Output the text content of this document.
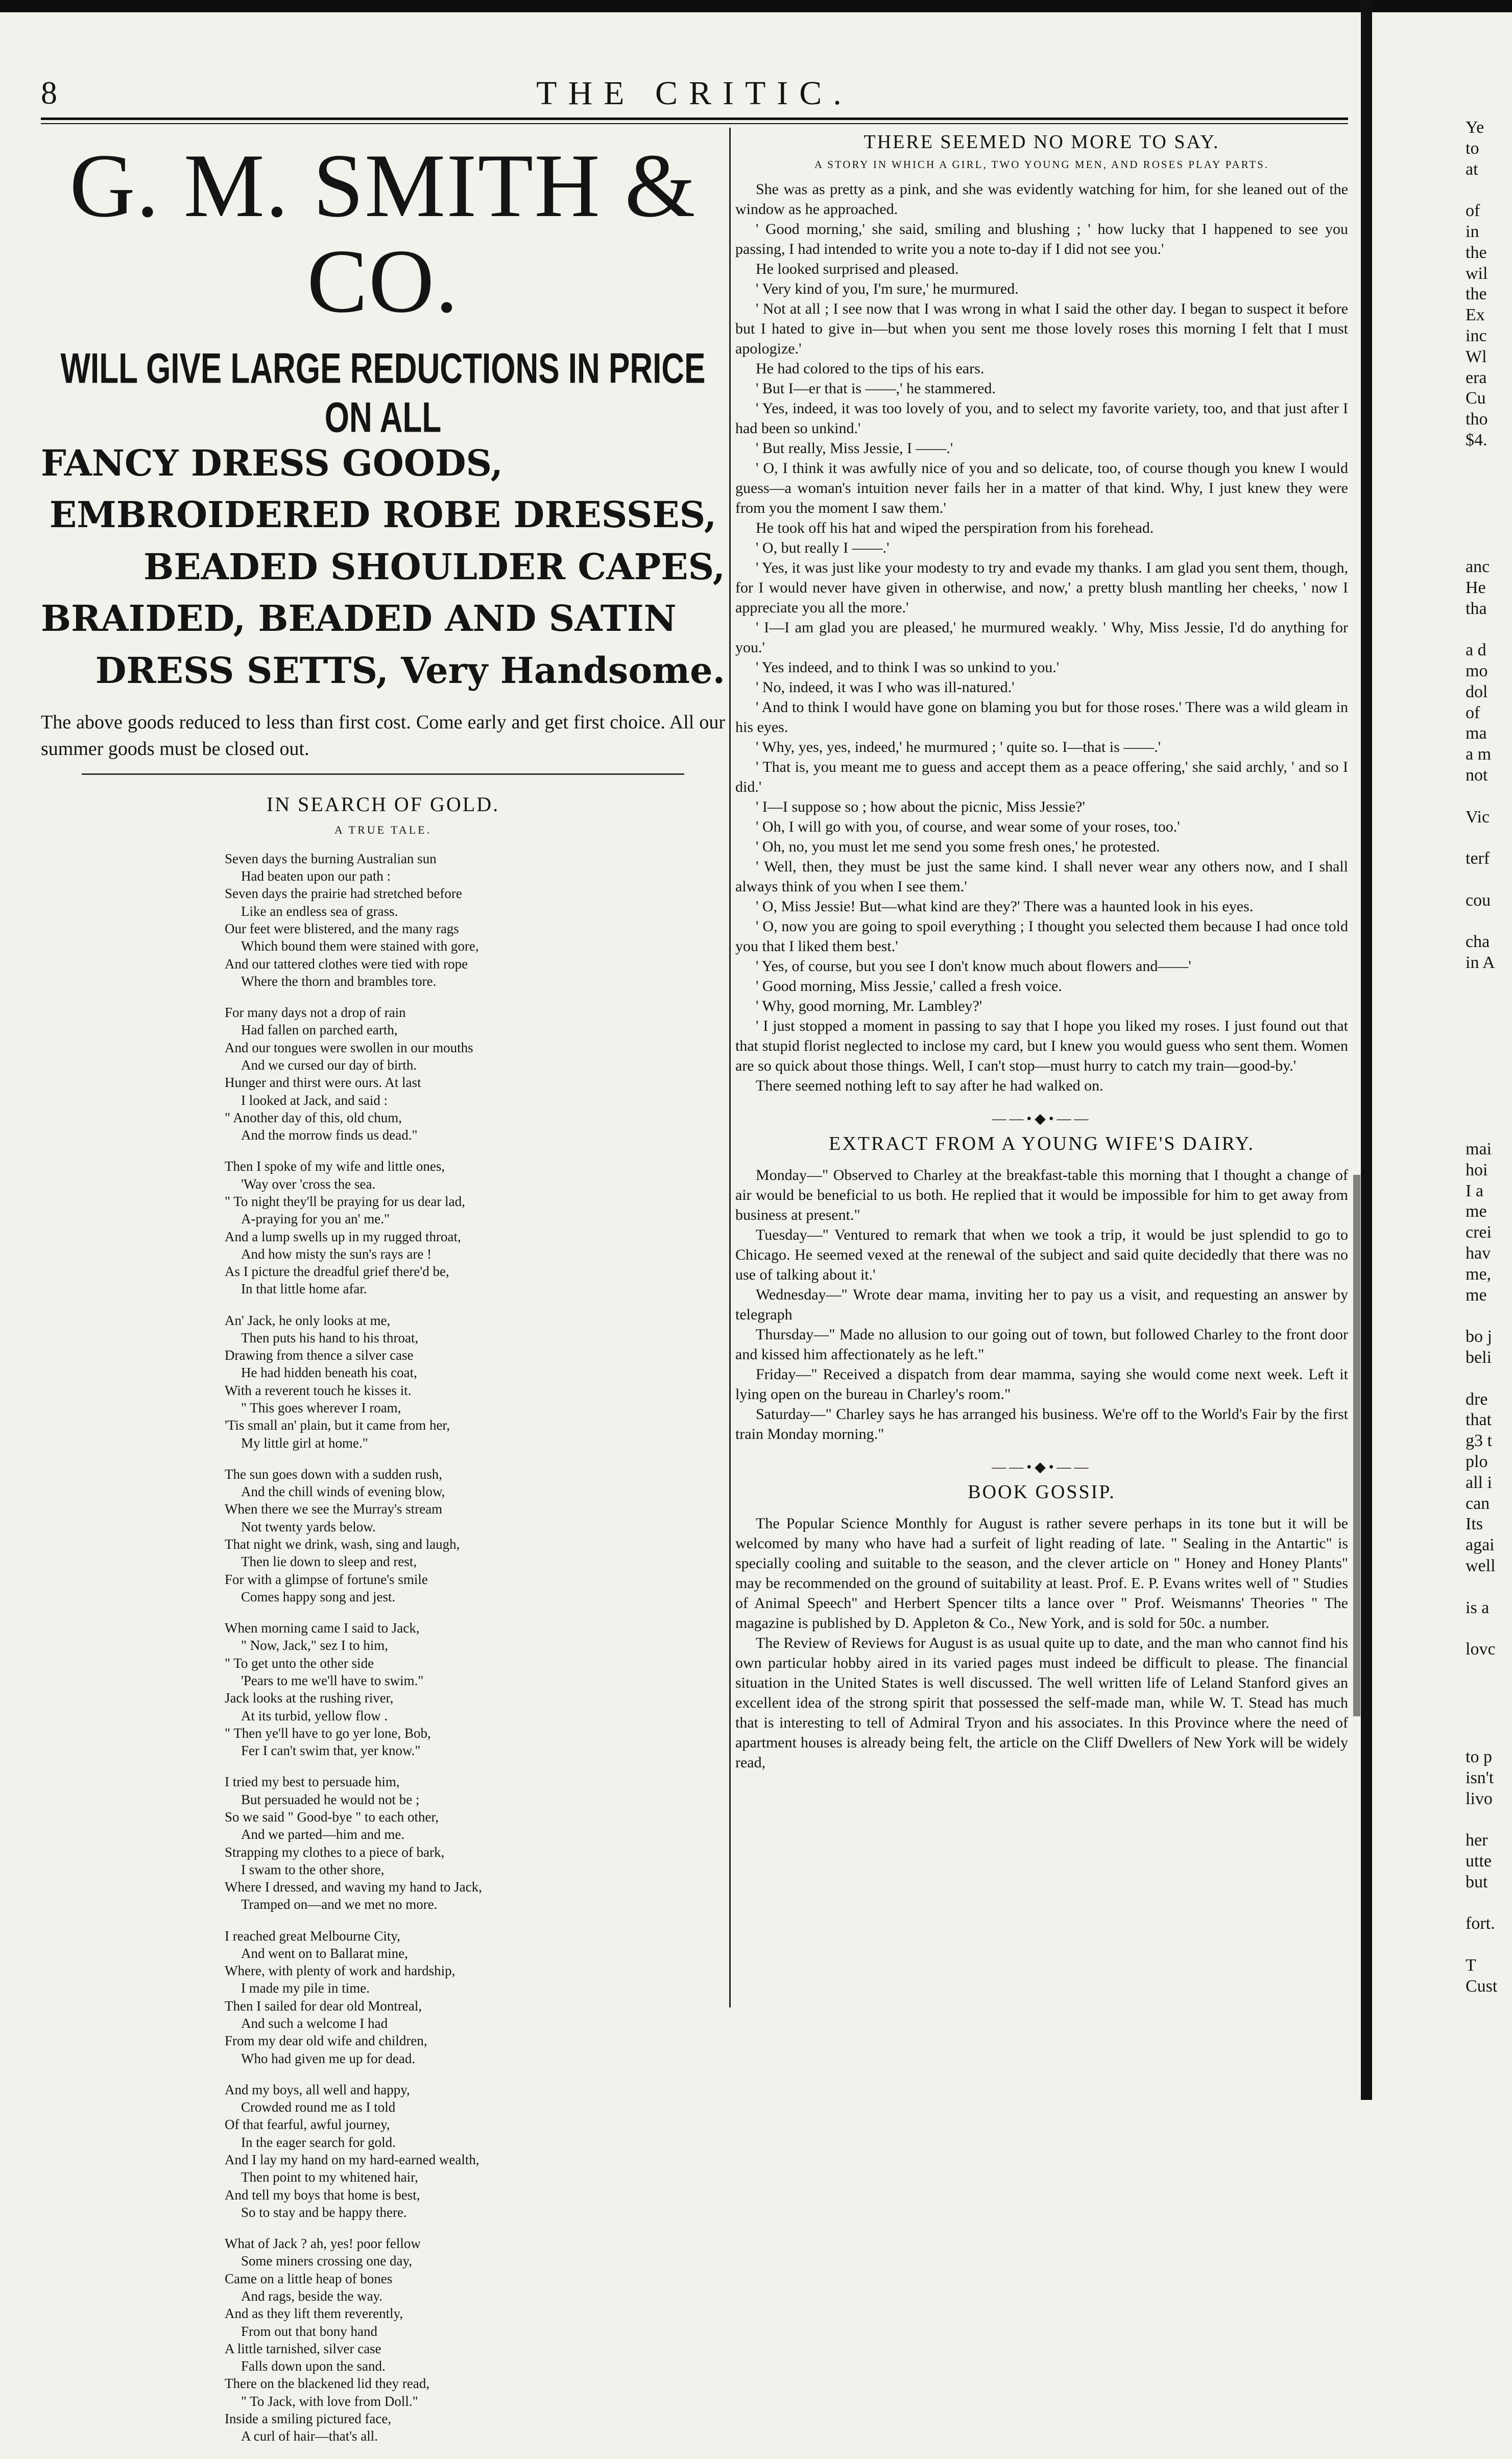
8	THE CRITIC.
G. M. SMITH & CO.
WILL GIVE LARGE REDUCTIONS IN PRICE ON ALL
FANCY DRESS GOODS,
EMBROIDERED ROBE DRESSES,
BEADED SHOULDER CAPES,
BRAIDED, BEADED AND SATIN
DRESS SETTS, Very Handsome.
The above goods reduced to less than first cost. Come early and get first choice. All our summer goods must be closed out.
IN SEARCH OF GOLD.
A TRUE TALE.
Seven days the burning Australian sun
Had beaten upon our path :
Seven days the prairie had stretched before
Like an endless sea of grass.
Our feet were blistered, and the many rags
Which bound them were stained with gore,
And our tattered clothes were tied with rope
Where the thorn and brambles tore.
For many days not a drop of rain
Had fallen on parched earth,
And our tongues were swollen in our mouths
And we cursed our day of birth.
Hunger and thirst were ours. At last
I looked at Jack, and said :
" Another day of this, old chum,
And the morrow finds us dead."
Then I spoke of my wife and little ones,
'Way over 'cross the sea.
" To night they'll be praying for us dear lad,
A-praying for you an' me."
And a lump swells up in my rugged throat,
And how misty the sun's rays are !
As I picture the dreadful grief there'd be,
In that little home afar.
An' Jack, he only looks at me,
Then puts his hand to his throat,
Drawing from thence a silver case
He had hidden beneath his coat,
With a reverent touch he kisses it.
" This goes wherever I roam,
'Tis small an' plain, but it came from her,
My little girl at home."
The sun goes down with a sudden rush,
And the chill winds of evening blow,
When there we see the Murray's stream
Not twenty yards below.
That night we drink, wash, sing and laugh,
Then lie down to sleep and rest,
For with a glimpse of fortune's smile
Comes happy song and jest.
When morning came I said to Jack,
" Now, Jack," sez I to him,
" To get unto the other side
'Pears to me we'll have to swim."
Jack looks at the rushing river,
At its turbid, yellow flow .
" Then ye'll have to go yer lone, Bob,
Fer I can't swim that, yer know."
I tried my best to persuade him,
But persuaded he would not be ;
So we said " Good-bye " to each other,
And we parted—him and me.
Strapping my clothes to a piece of bark,
I swam to the other shore,
Where I dressed, and waving my hand to Jack,
Tramped on—and we met no more.
I reached great Melbourne City,
And went on to Ballarat mine,
Where, with plenty of work and hardship,
I made my pile in time.
Then I sailed for dear old Montreal,
And such a welcome I had
From my dear old wife and children,
Who had given me up for dead.
And my boys, all well and happy,
Crowded round me as I told
Of that fearful, awful journey,
In the eager search for gold.
And I lay my hand on my hard-earned wealth,
Then point to my whitened hair,
And tell my boys that home is best,
So to stay and be happy there.
What of Jack ? ah, yes! poor fellow
Some miners crossing one day,
Came on a little heap of bones
And rags, beside the way.
And as they lift them reverently,
From out that bony hand
A little tarnished, silver case
Falls down upon the sand.
There on the blackened lid they read,
" To Jack, with love from Doll."
Inside a smiling pictured face,
A curl of hair—that's all.
THERE SEEMED NO MORE TO SAY.
A STORY IN WHICH A GIRL, TWO YOUNG MEN, AND ROSES PLAY PARTS.

She was as pretty as a pink, and she was evidently watching for him, for she leaned out of the window as he approached.

' Good morning,' she said, smiling and blushing ; ' how lucky that I happened to see you passing, I had intended to write you a note to-day if I did not see you.'

He looked surprised and pleased.

' Very kind of you, I'm sure,' he murmured.

' Not at all ; I see now that I was wrong in what I said the other day. I began to suspect it before but I hated to give in—but when you sent me those lovely roses this morning I felt that I must apologize.'

He had colored to the tips of his ears.

' But I—er that is ——,' he stammered.

' Yes, indeed, it was too lovely of you, and to select my favorite variety, too, and that just after I had been so unkind.'

' But really, Miss Jessie, I ——.'

' O, I think it was awfully nice of you and so delicate, too, of course though you knew I would guess—a woman's intuition never fails her in a matter of that kind. Why, I just knew they were from you the moment I saw them.'

He took off his hat and wiped the perspiration from his forehead.

' O, but really I ——.'

' Yes, it was just like your modesty to try and evade my thanks. I am glad you sent them, though, for I would never have given in otherwise, and now,' a pretty blush mantling her cheeks, ' now I appreciate you all the more.'

' I—I am glad you are pleased,' he murmured weakly. ' Why, Miss Jessie, I'd do anything for you.'

' Yes indeed, and to think I was so unkind to you.'

' No, indeed, it was I who was ill-natured.'

' And to think I would have gone on blaming you but for those roses.' There was a wild gleam in his eyes.

' Why, yes, yes, indeed,' he murmured ; ' quite so. I—that is ——.'

' That is, you meant me to guess and accept them as a peace offering,' she said archly, ' and so I did.'

' I—I suppose so ; how about the picnic, Miss Jessie?'

' Oh, I will go with you, of course, and wear some of your roses, too.'

' Oh, no, you must let me send you some fresh ones,' he protested.

' Well, then, they must be just the same kind. I shall never wear any others now, and I shall always think of you when I see them.'

' O, Miss Jessie! But—what kind are they?' There was a haunted look in his eyes.

' O, now you are going to spoil everything ; I thought you selected them because I had once told you that I liked them best.'

' Yes, of course, but you see I don't know much about flowers and——'

' Good morning, Miss Jessie,' called a fresh voice.

' Why, good morning, Mr. Lambley?'

' I just stopped a moment in passing to say that I hope you liked my roses. I just found out that that stupid florist neglected to inclose my card, but I knew you would guess who sent them. Women are so quick about those things. Well, I can't stop—must hurry to catch my train—good-by.'

There seemed nothing left to say after he had walked on.

——•◆•——
EXTRACT FROM A YOUNG WIFE'S DAIRY.

Monday—" Observed to Charley at the breakfast-table this morning that I thought a change of air would be beneficial to us both. He replied that it would be impossible for him to get away from business at present."

Tuesday—" Ventured to remark that when we took a trip, it would be just splendid to go to Chicago. He seemed vexed at the renewal of the subject and said quite decidedly that there was no use of talking about it.'

Wednesday—" Wrote dear mama, inviting her to pay us a visit, and requesting an answer by telegraph

Thursday—" Made no allusion to our going out of town, but followed Charley to the front door and kissed him affectionately as he left."

Friday—" Received a dispatch from dear mamma, saying she would come next week. Left it lying open on the bureau in Charley's room."

Saturday—" Charley says he has arranged his business. We're off to the World's Fair by the first train Monday morning."

——•◆•——
BOOK GOSSIP.

The Popular Science Monthly for August is rather severe perhaps in its tone but it will be welcomed by many who have had a surfeit of light reading of late. " Sealing in the Antartic" is specially cooling and suitable to the season, and the clever article on " Honey and Honey Plants" may be recommended on the ground of suitability at least. Prof. E. P. Evans writes well of " Studies of Animal Speech" and Herbert Spencer tilts a lance over " Prof. Weismanns' Theories " The magazine is published by D. Appleton & Co., New York, and is sold for 50c. a number.

The Review of Reviews for August is as usual quite up to date, and the man who cannot find his own particular hobby aired in its varied pages must indeed be difficult to please. The financial situation in the United States is well discussed. The well written life of Leland Stanford gives an excellent idea of the strong spirit that possessed the self-made man, while W. T. Stead has much that is interesting to tell of Admiral Tryon and his associates. In this Province where the need of apartment houses is already being felt, the article on the Cliff Dwellers of New York will be widely read,

Ye
to
at

of
in
the
wil
the
Ex
inc
Wl
era
Cu
tho
$4.
anc
He
tha

a d
mo
dol
of
ma
a m
not

Vic

terf

cou

cha
in A
mai
hoi
I a
me
crei
hav
me,
me

bo j
beli

dre
that
g3 t
plo
all i
can
Its
agai
well

is a

lovc
to p
isn't
livo

her
utte
but

fort.

T
Cust
